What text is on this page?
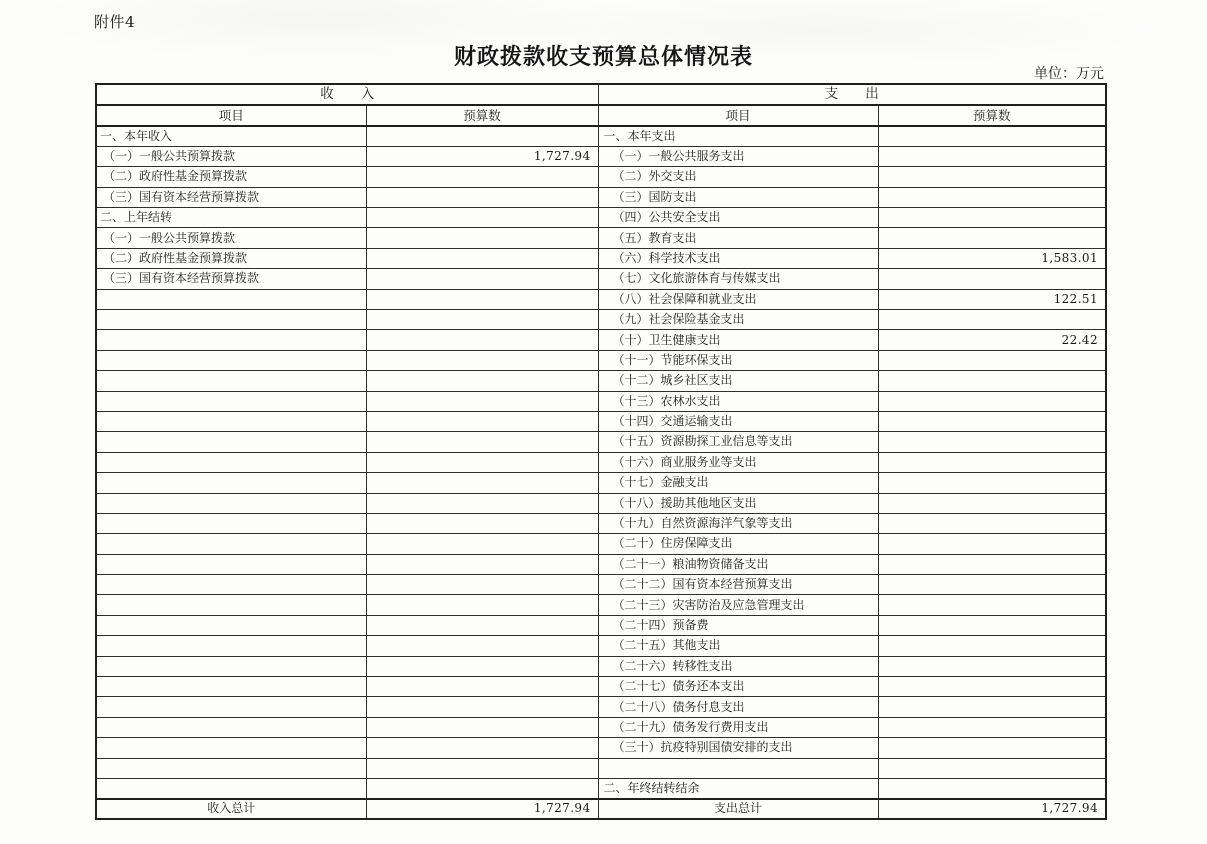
附件4
财政拨款收支预算总体情况表
单位：万元
收　　入		支　　出	
项目	预算数	项目	预算数
一、本年收入		一、本年支出	
（一）一般公共预算拨款	1,727.94	（一）一般公共服务支出	
（二）政府性基金预算拨款		（二）外交支出	
（三）国有资本经营预算拨款		（三）国防支出	
二、上年结转		（四）公共安全支出	
（一）一般公共预算拨款		（五）教育支出	
（二）政府性基金预算拨款		（六）科学技术支出	1,583.01
（三）国有资本经营预算拨款		（七）文化旅游体育与传媒支出	
		（八）社会保障和就业支出	122.51
		（九）社会保险基金支出	
		（十）卫生健康支出	22.42
		（十一）节能环保支出	
		（十二）城乡社区支出	
		（十三）农林水支出	
		（十四）交通运输支出	
		（十五）资源勘探工业信息等支出	
		（十六）商业服务业等支出	
		（十七）金融支出	
		（十八）援助其他地区支出	
		（十九）自然资源海洋气象等支出	
		（二十）住房保障支出	
		（二十一）粮油物资储备支出	
		（二十二）国有资本经营预算支出	
		（二十三）灾害防治及应急管理支出	
		（二十四）预备费	
		（二十五）其他支出	
		（二十六）转移性支出	
		（二十七）债务还本支出	
		（二十八）债务付息支出	
		（二十九）债务发行费用支出	
		（三十）抗疫特别国债安排的支出	

		二、年终结转结余	
收入总计	1,727.94	支出总计	1,727.94
